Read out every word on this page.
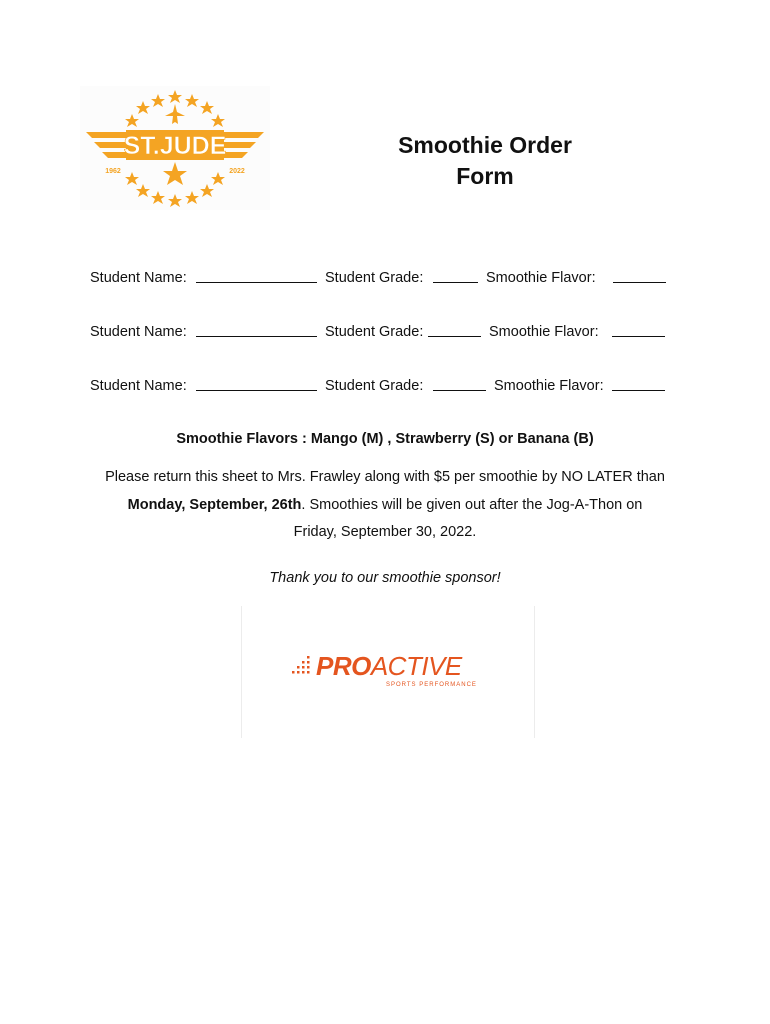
ST.JUDE
1962	2022
Smoothie Order
Form
Student Name:	Student Grade:	Smoothie Flavor:
Student Name:	Student Grade:	Smoothie Flavor:
Student Name:	Student Grade:	Smoothie Flavor:
Smoothie Flavors : Mango (M) , Strawberry (S) or Banana (B)
Please return this sheet to Mrs. Frawley along with $5 per smoothie by NO LATER than
Monday, September, 26th. Smoothies will be given out after the Jog-A-Thon on
Friday, September 30, 2022.
Thank you to our smoothie sponsor!
PROACTIVE
SPORTS PERFORMANCE
